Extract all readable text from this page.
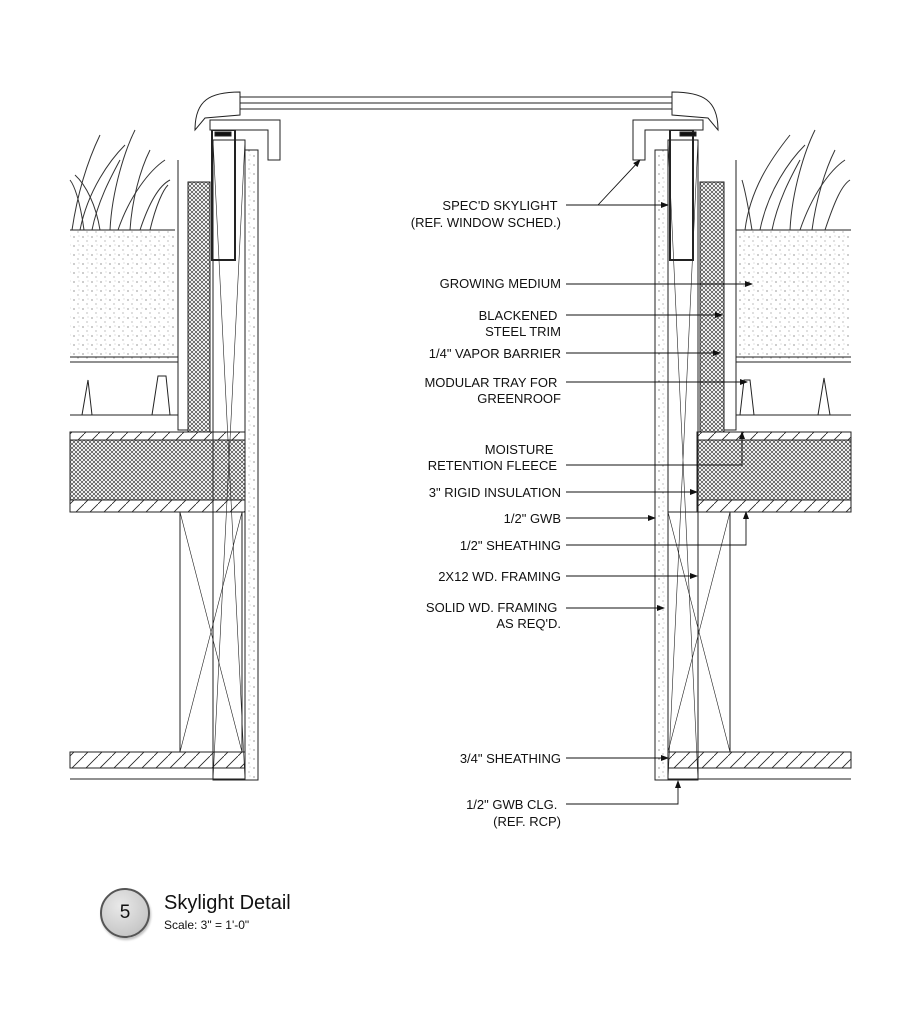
SPEC'D SKYLIGHT (REF. WINDOW SCHED.)
GROWING MEDIUM
BLACKENED STEEL TRIM
1/4" VAPOR BARRIER
MODULAR TRAY FOR GREENROOF
MOISTURE RETENTION FLEECE
3" RIGID INSULATION
1/2" GWB
1/2" SHEATHING
2X12 WD. FRAMING
SOLID WD. FRAMING AS REQ'D.
3/4" SHEATHING
1/2" GWB CLG. (REF. RCP)
5 Skylight Detail
Scale: 3" = 1'-0"
